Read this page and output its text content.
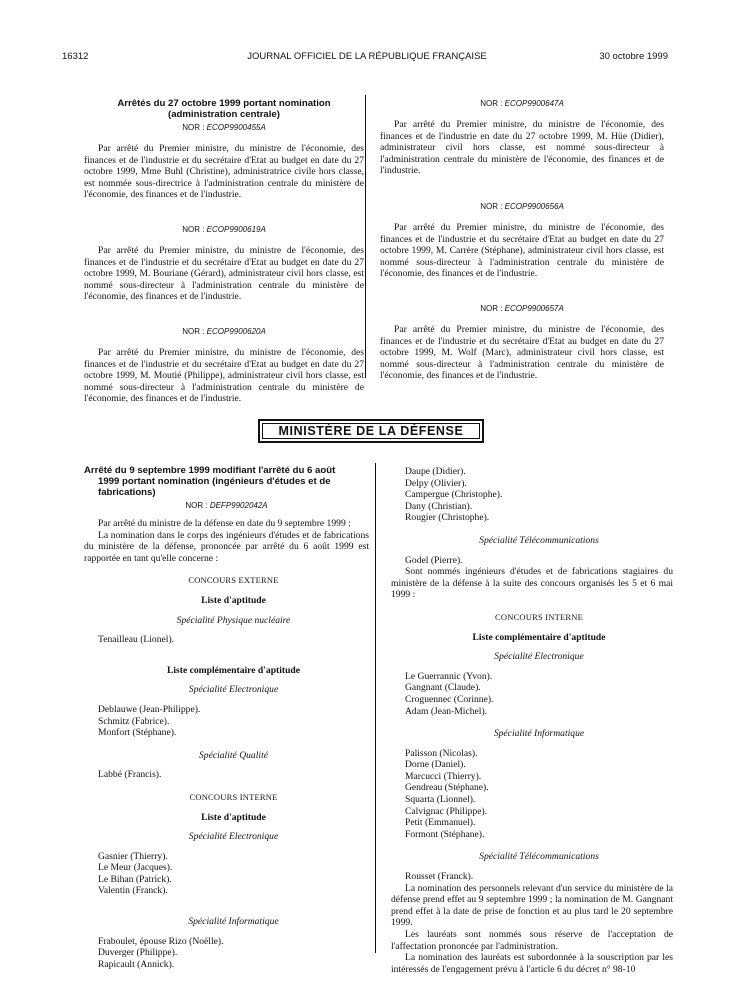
16312	JOURNAL OFFICIEL DE LA RÉPUBLIQUE FRANÇAISE	30 octobre 1999
Arrêtés du 27 octobre 1999 portant nomination
(administration centrale)
NOR : ECOP9900455A

Par arrêté du Premier ministre, du ministre de l'économie, des finances et de l'industrie et du secrétaire d'Etat au budget en date du 27 octobre 1999, Mme Buhl (Christine), administratrice civile hors classe, est nommée sous-directrice à l'administration centrale du ministère de l'économie, des finances et de l'industrie.

NOR : ECOP9900619A

Par arrêté du Premier ministre, du ministre de l'économie, des finances et de l'industrie et du secrétaire d'Etat au budget en date du 27 octobre 1999, M. Bouriane (Gérard), administrateur civil hors classe, est nommé sous-directeur à l'administration centrale du ministère de l'économie, des finances et de l'industrie.

NOR : ECOP9900620A

Par arrêté du Premier ministre, du ministre de l'économie, des finances et de l'industrie et du secrétaire d'Etat au budget en date du 27 octobre 1999, M. Moutié (Philippe), administrateur civil hors classe, est nommé sous-directeur à l'administration centrale du ministère de l'économie, des finances et de l'industrie.

NOR : ECOP9900647A

Par arrêté du Premier ministre, du ministre de l'économie, des finances et de l'industrie en date du 27 octobre 1999, M. Hüe (Didier), administrateur civil hors classe, est nommé sous-directeur à l'administration centrale du ministère de l'économie, des finances et de l'industrie.

NOR : ECOP9900656A

Par arrêté du Premier ministre, du ministre de l'économie, des finances et de l'industrie et du secrétaire d'Etat au budget en date du 27 octobre 1999, M. Carrère (Stéphane), administrateur civil hors classe, est nommé sous-directeur à l'administration centrale du ministère de l'économie, des finances et de l'industrie.

NOR : ECOP9900657A

Par arrêté du Premier ministre, du ministre de l'économie, des finances et de l'industrie et du secrétaire d'Etat au budget en date du 27 octobre 1999, M. Wolf (Marc), administrateur civil hors classe, est nommé sous-directeur à l'administration centrale du ministère de l'économie, des finances et de l'industrie.

MINISTÈRE DE LA DÉFENSE
Arrêté du 9 septembre 1999 modifiant l'arrêté du 6 août
1999 portant nomination (ingénieurs d'études et de
fabrications)
NOR : DEFP9902042A

Par arrêté du ministre de la défense en date du 9 septembre 1999 :

La nomination dans le corps des ingénieurs d'études et de fabrications du ministère de la défense, prononcée par arrêté du 6 août 1999 est rapportée en tant qu'elle concerne :

CONCOURS EXTERNE

Liste d'aptitude

Spécialité Physique nucléaire

Tenailleau (Lionel).

Liste complémentaire d'aptitude

Spécialité Electronique

Deblauwe (Jean-Philippe).

Schmitz (Fabrice).

Monfort (Stéphane).

Spécialité Qualité

Labbé (Francis).

CONCOURS INTERNE

Liste d'aptitude

Spécialité Electronique

Gasnier (Thierry).

Le Meur (Jacques).

Le Bihan (Patrick).

Valentin (Franck).

Spécialité Informatique

Fraboulet, épouse Rizo (Noëlle).

Duverger (Philippe).

Rapicault (Annick).

Daupe (Didier).

Delpy (Olivier).

Campergue (Christophe).

Dany (Christian).

Rougier (Christophe).

Spécialité Télécommunications

Godel (Pierre).

Sont nommés ingénieurs d'études et de fabrications stagiaires du ministère de la défense à la suite des concours organisés les 5 et 6 mai 1999 :

CONCOURS INTERNE

Liste complémentaire d'aptitude

Spécialité Electronique

Le Guerrannic (Yvon).

Gangnant (Claude).

Croguennec (Corinne).

Adam (Jean-Michel).

Spécialité Informatique

Palisson (Nicolas).

Dorne (Daniel).

Marcucci (Thierry).

Gendreau (Stéphane).

Squarta (Lionnel).

Calvignac (Philippe).

Petit (Emmanuel).

Formont (Stéphane).

Spécialité Télécommunications

Rousset (Franck).

La nomination des personnels relevant d'un service du ministère de la défense prend effet au 9 septembre 1999 ; la nomination de M. Gangnant prend effet à la date de prise de fonction et au plus tard le 20 septembre 1999.

Les lauréats sont nommés sous réserve de l'acceptation de l'affectation prononcée par l'administration.

La nomination des lauréats est subordonnée à la souscription par les intéressés de l'engagement prévu à l'article 6 du décret n° 98-10
